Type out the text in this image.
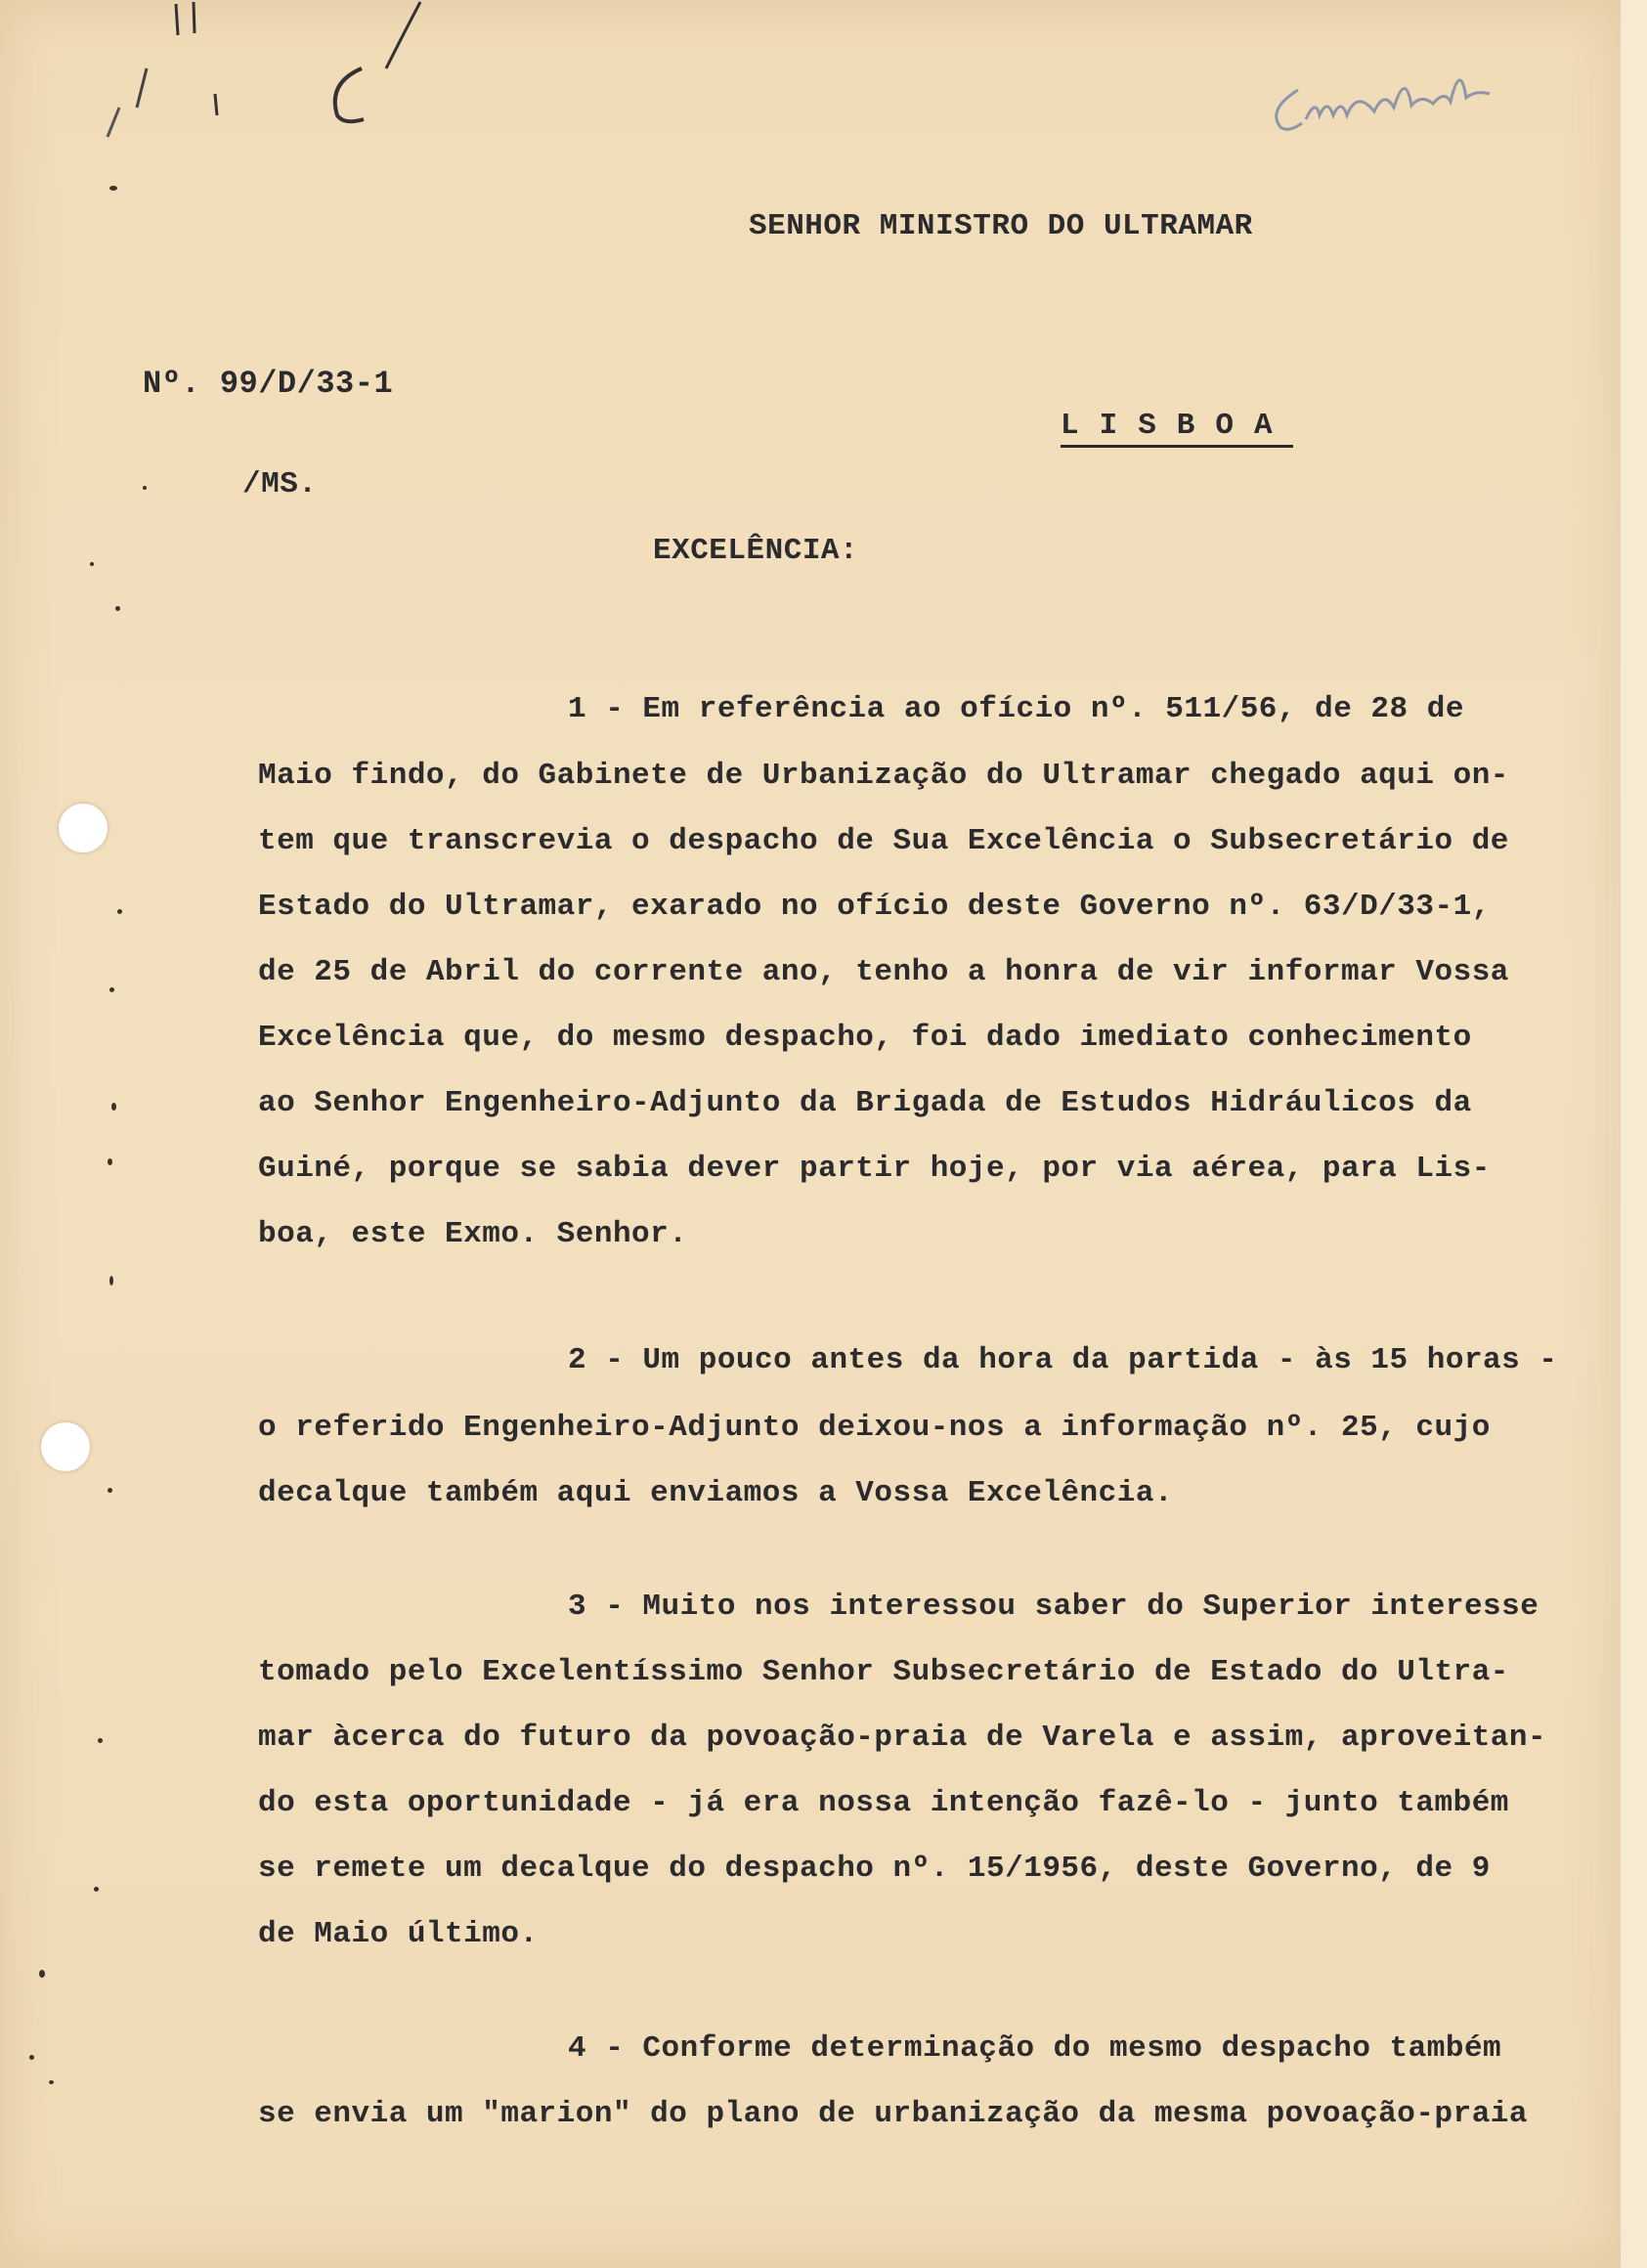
SENHOR MINISTRO DO ULTRAMAR
Nº. 99/D/33-1
LISBOA
/MS.
EXCELÊNCIA:
1 - Em referência ao ofício nº. 511/56, de 28 de
Maio findo, do Gabinete de Urbanização do Ultramar chegado aqui on-
tem que transcrevia o despacho de Sua Excelência o Subsecretário de
Estado do Ultramar, exarado no ofício deste Governo nº. 63/D/33-1,
de 25 de Abril do corrente ano, tenho a honra de vir informar Vossa
Excelência que, do mesmo despacho, foi dado imediato conhecimento
ao Senhor Engenheiro-Adjunto da Brigada de Estudos Hidráulicos da
Guiné, porque se sabia dever partir hoje, por via aérea, para Lis-
boa, este Exmo. Senhor.
2 - Um pouco antes da hora da partida - às 15 horas -
o referido Engenheiro-Adjunto deixou-nos a informação nº. 25, cujo
decalque também aqui enviamos a Vossa Excelência.
3 - Muito nos interessou saber do Superior interesse
tomado pelo Excelentíssimo Senhor Subsecretário de Estado do Ultra-
mar àcerca do futuro da povoação-praia de Varela e assim, aproveitan-
do esta oportunidade - já era nossa intenção fazê-lo - junto também
se remete um decalque do despacho nº. 15/1956, deste Governo, de 9
de Maio último.
4 - Conforme determinação do mesmo despacho também
se envia um "marion" do plano de urbanização da mesma povoação-praia
